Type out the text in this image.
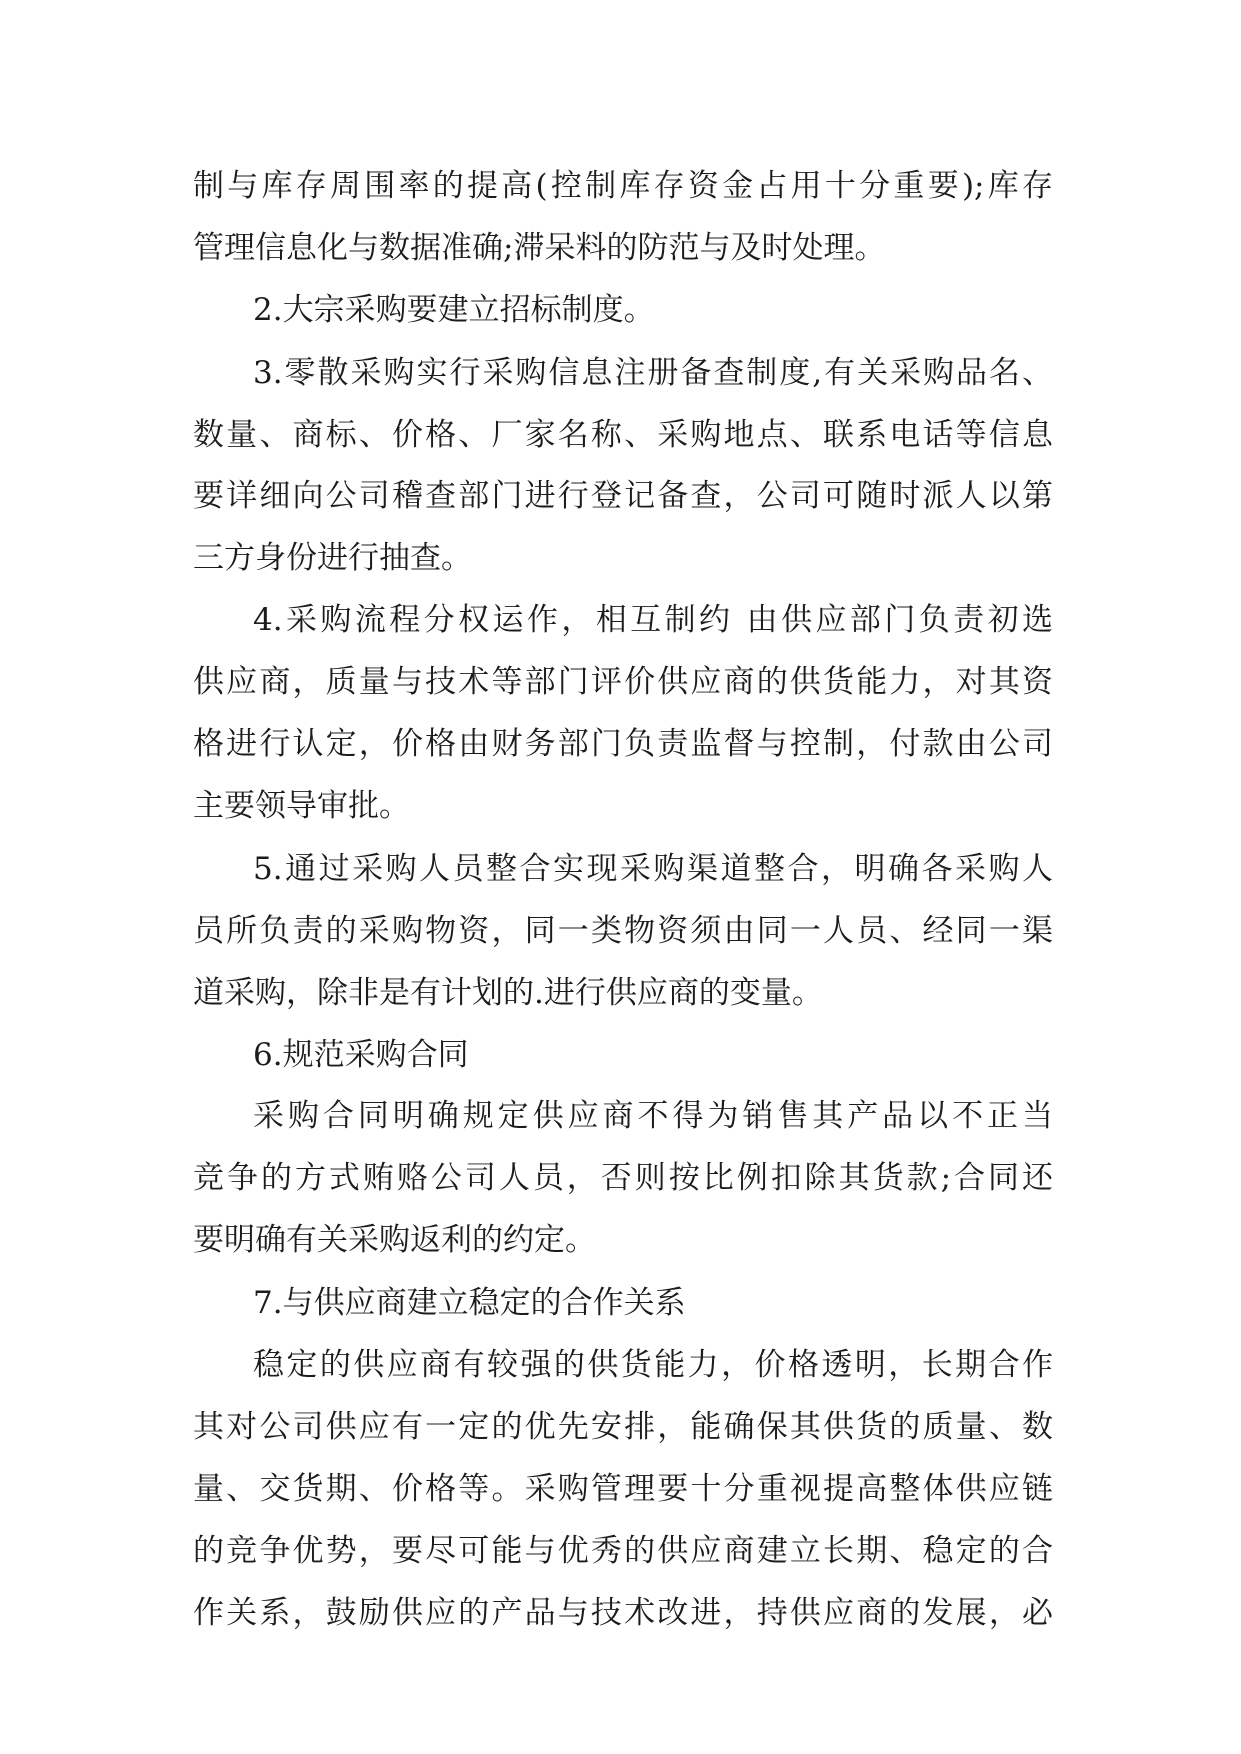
制与库存周围率的提高(控制库存资金占用十分重要);库存

管理信息化与数据准确;滞呆料的防范与及时处理。

2.大宗采购要建立招标制度。

3.零散采购实行采购信息注册备查制度,有关采购品名、

数量、商标、价格、厂家名称、采购地点、联系电话等信息

要详细向公司稽查部门进行登记备查，公司可随时派人以第

三方身份进行抽查。

4.采购流程分权运作，相互制约 由供应部门负责初选

供应商，质量与技术等部门评价供应商的供货能力，对其资

格进行认定，价格由财务部门负责监督与控制，付款由公司

主要领导审批。

5.通过采购人员整合实现采购渠道整合，明确各采购人

员所负责的采购物资，同一类物资须由同一人员、经同一渠

道采购，除非是有计划的.进行供应商的变量。

6.规范采购合同

采购合同明确规定供应商不得为销售其产品以不正当

竞争的方式贿赂公司人员，否则按比例扣除其货款;合同还

要明确有关采购返利的约定。

7.与供应商建立稳定的合作关系

稳定的供应商有较强的供货能力，价格透明，长期合作

其对公司供应有一定的优先安排，能确保其供货的质量、数

量、交货期、价格等。采购管理要十分重视提高整体供应链

的竞争优势，要尽可能与优秀的供应商建立长期、稳定的合

作关系，鼓励供应的产品与技术改进，持供应商的发展，必
